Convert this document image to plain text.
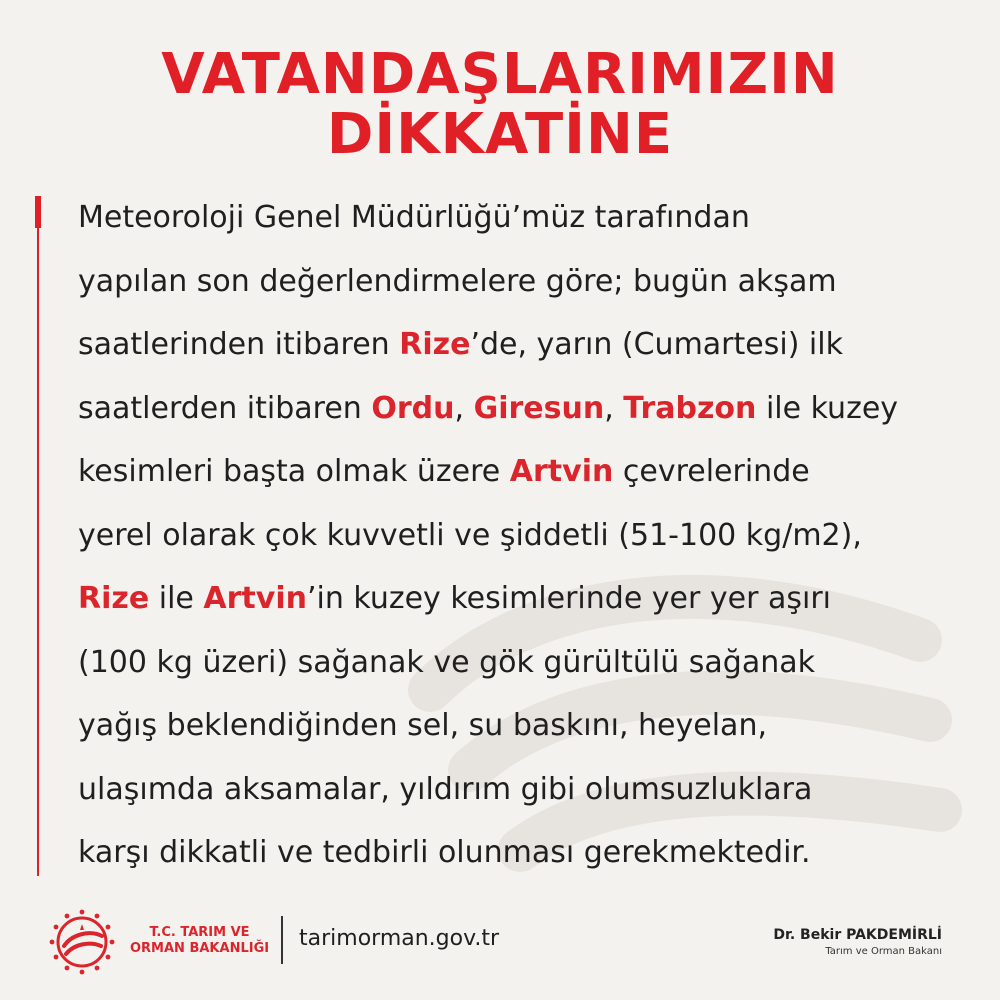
VATANDAŞLARIMIZIN
DİKKATİNE
Meteoroloji Genel Müdürlüğü’müz tarafından
yapılan son değerlendirmelere göre; bugün akşam
saatlerinden itibaren Rize’de, yarın (Cumartesi) ilk
saatlerden itibaren Ordu, Giresun, Trabzon ile kuzey
kesimleri başta olmak üzere Artvin çevrelerinde
yerel olarak çok kuvvetli ve şiddetli (51-100 kg/m2),
Rize ile Artvin’in kuzey kesimlerinde yer yer aşırı
(100 kg üzeri) sağanak ve gök gürültülü sağanak
yağış beklendiğinden sel, su baskını, heyelan,
ulaşımda aksamalar, yıldırım gibi olumsuzluklara
karşı dikkatli ve tedbirli olunması gerekmektedir.
T.C. TARIM VE
ORMAN BAKANLIĞI tarimorman.gov.tr	Dr. Bekir PAKDEMİRLİ
Tarım ve Orman Bakanı
